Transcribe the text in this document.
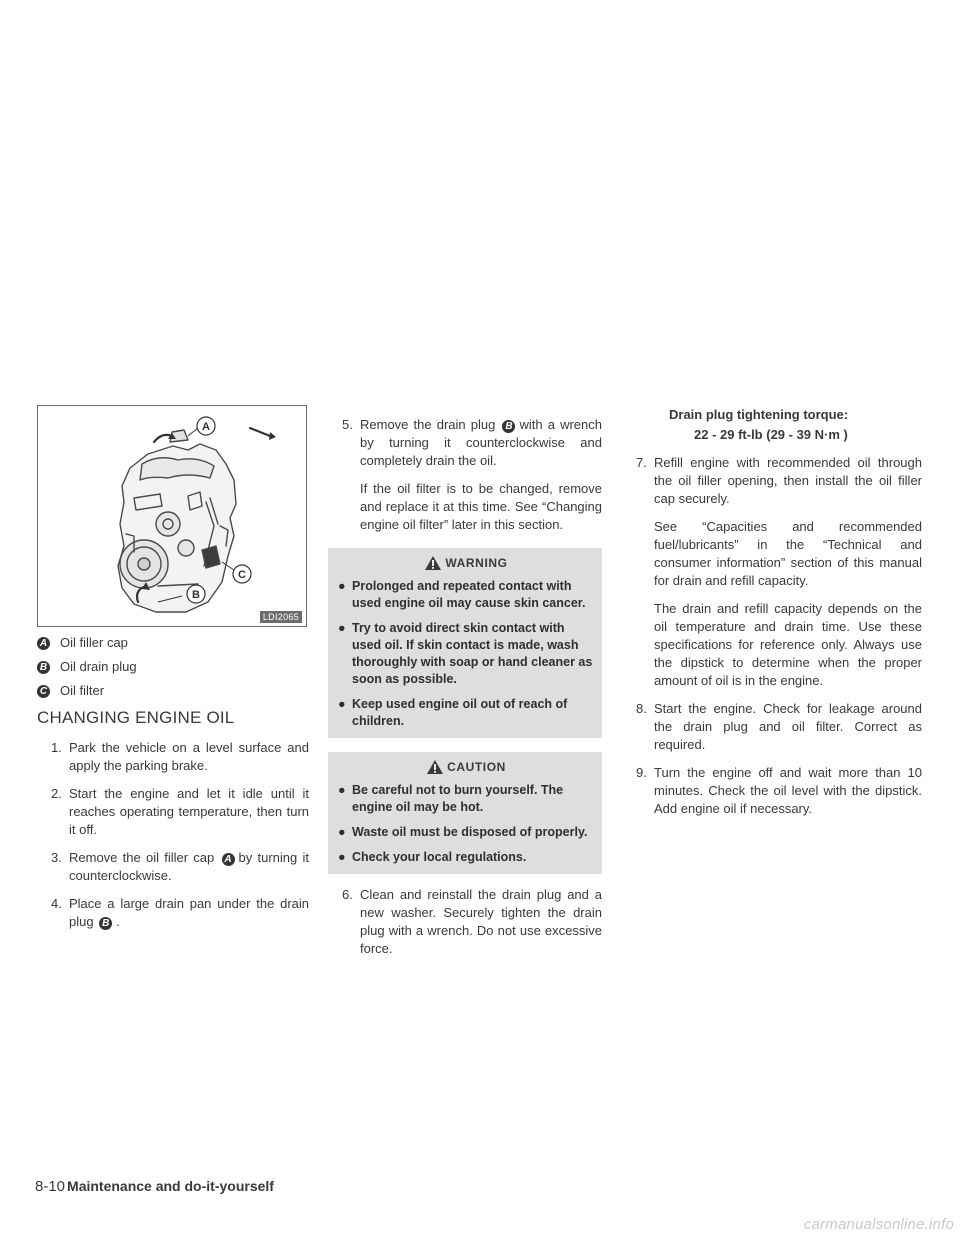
A
C
B
LDI2065
A Oil filler cap
B Oil drain plug
C Oil filter
CHANGING ENGINE OIL
1. Park the vehicle on a level surface and apply the parking brake.
2. Start the engine and let it idle until it reaches operating temperature, then turn it off.
3. Remove the oil filler cap A by turning it counterclockwise.
4. Place a large drain pan under the drain plug B .
5. Remove the drain plug B with a wrench by turning it counterclockwise and completely drain the oil.
If the oil filter is to be changed, remove and replace it at this time. See “Changing engine oil filter” later in this section.
WARNING
● Prolonged and repeated contact with used engine oil may cause skin cancer.
● Try to avoid direct skin contact with used oil. If skin contact is made, wash thoroughly with soap or hand cleaner as soon as possible.
● Keep used engine oil out of reach of children.
CAUTION
● Be careful not to burn yourself. The engine oil may be hot.
● Waste oil must be disposed of properly.
● Check your local regulations.
6. Clean and reinstall the drain plug and a new washer. Securely tighten the drain plug with a wrench. Do not use excessive force.
Drain plug tightening torque:
22 - 29 ft-lb (29 - 39 N·m )
7. Refill engine with recommended oil through the oil filler opening, then install the oil filler cap securely.
See “Capacities and recommended fuel/lubricants” in the “Technical and consumer information” section of this manual for drain and refill capacity.
The drain and refill capacity depends on the oil temperature and drain time. Use these specifications for reference only. Always use the dipstick to determine when the proper amount of oil is in the engine.
8. Start the engine. Check for leakage around the drain plug and oil filter. Correct as required.
9. Turn the engine off and wait more than 10 minutes. Check the oil level with the dipstick. Add engine oil if necessary.
8-10 Maintenance and do-it-yourself
carmanualsonline.info
